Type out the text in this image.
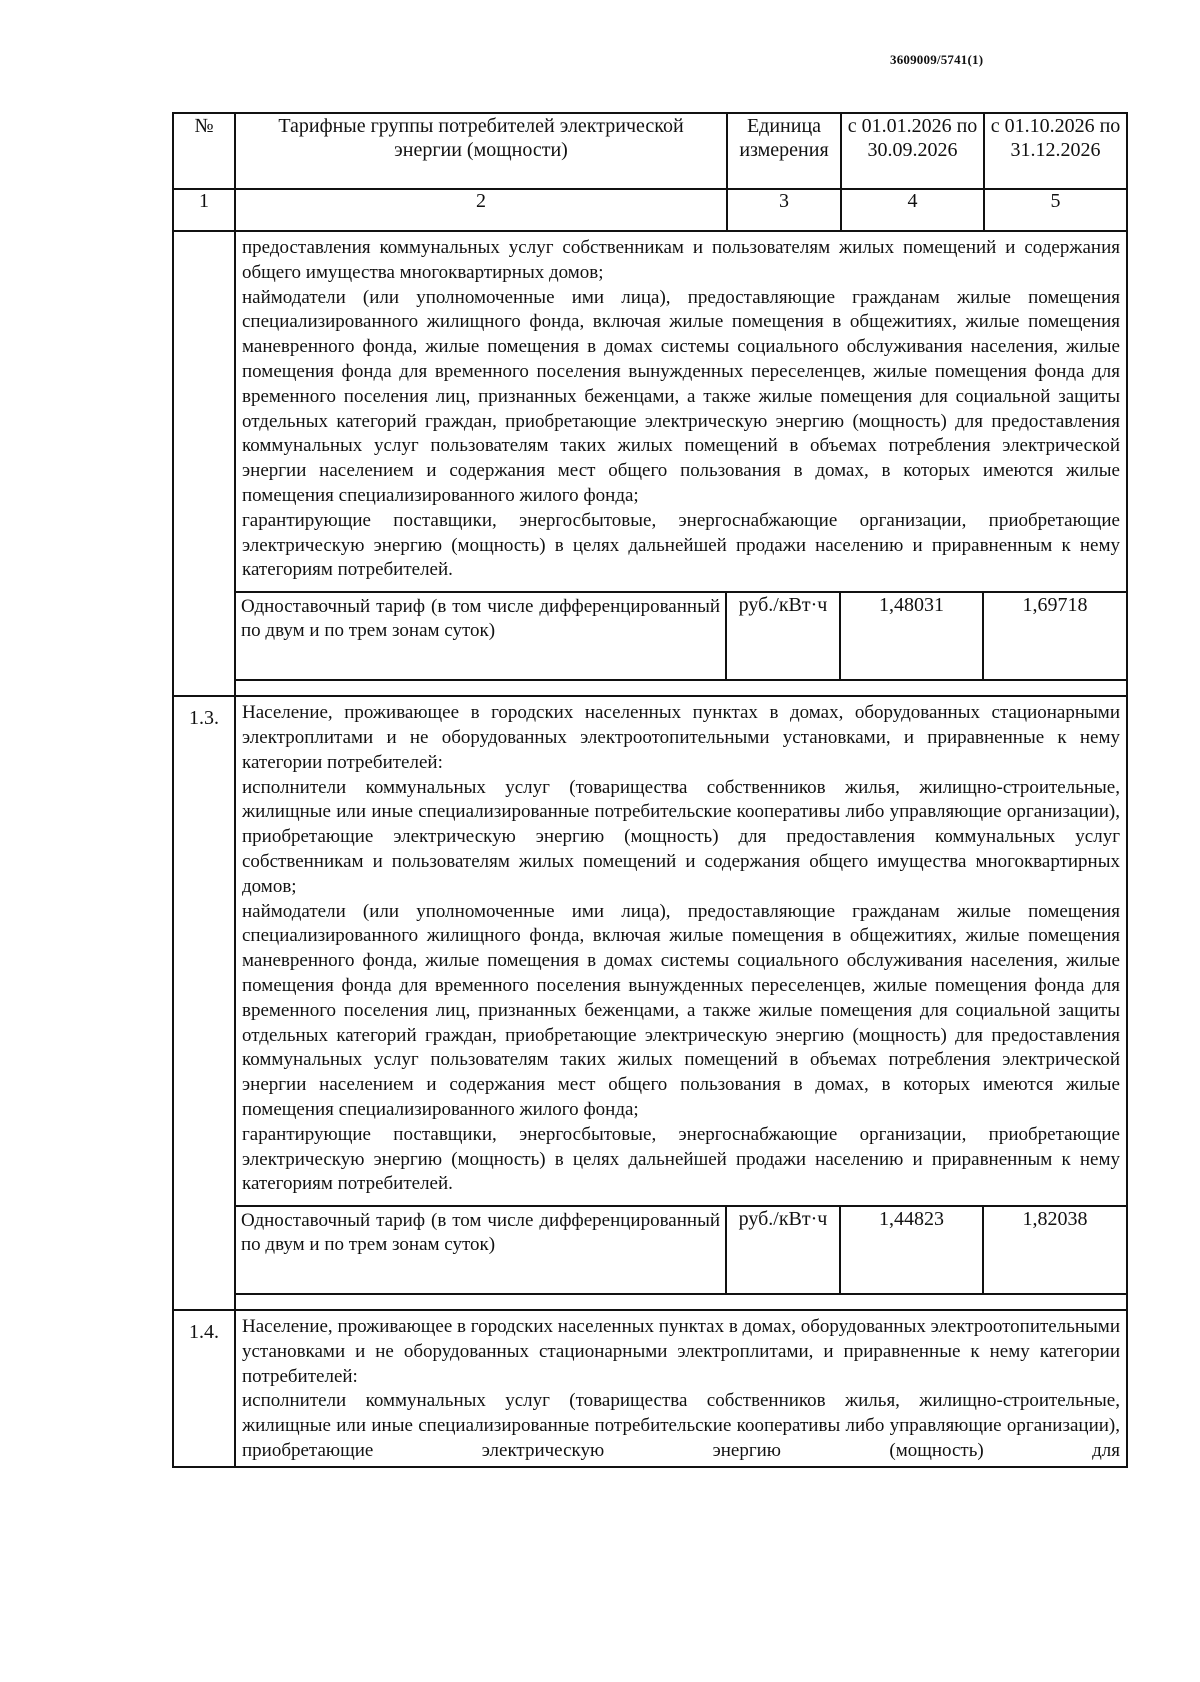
3609009/5741(1)
№	Тарифные группы потребителей электрической энергии (мощности)	Единица измерения	с 01.01.2026 по 30.09.2026	с 01.10.2026 по 31.12.2026
1	2	3	4	5

предоставления коммунальных услуг собственникам и пользователям жилых помещений и содержания общего имущества многоквартирных домов;

наймодатели (или уполномоченные ими лица), предоставляющие гражданам жилые помещения специализированного жилищного фонда, включая жилые помещения в общежитиях, жилые помещения маневренного фонда, жилые помещения в домах системы социального обслуживания населения, жилые помещения фонда для временного поселения вынужденных переселенцев, жилые помещения фонда для временного поселения лиц, признанных беженцами, а также жилые помещения для социальной защиты отдельных категорий граждан, приобретающие электрическую энергию (мощность) для предоставления коммунальных услуг пользователям таких жилых помещений в объемах потребления электрической энергии населением и содержания мест общего пользования в домах, в которых имеются жилые помещения специализированного жилого фонда;

гарантирующие поставщики, энергосбытовые, энергоснабжающие организации, приобретающие электрическую энергию (мощность) в целях дальнейшей продажи населению и приравненным к нему категориям потребителей.

Одноставочный тариф (в том числе дифференцированный по двум и по трем зонам суток)	руб./кВт·ч	1,48031	1,69718

1.3.	Население, проживающее в городских населенных пунктах в домах, оборудованных стационарными электроплитами и не оборудованных электроотопительными установками, и приравненные к нему категории потребителей:

исполнители коммунальных услуг (товарищества собственников жилья, жилищно-строительные, жилищные или иные специализированные потребительские кооперативы либо управляющие организации), приобретающие электрическую энергию (мощность) для предоставления коммунальных услуг собственникам и пользователям жилых помещений и содержания общего имущества многоквартирных домов;

наймодатели (или уполномоченные ими лица), предоставляющие гражданам жилые помещения специализированного жилищного фонда, включая жилые помещения в общежитиях, жилые помещения маневренного фонда, жилые помещения в домах системы социального обслуживания населения, жилые помещения фонда для временного поселения вынужденных переселенцев, жилые помещения фонда для временного поселения лиц, признанных беженцами, а также жилые помещения для социальной защиты отдельных категорий граждан, приобретающие электрическую энергию (мощность) для предоставления коммунальных услуг пользователям таких жилых помещений в объемах потребления электрической энергии населением и содержания мест общего пользования в домах, в которых имеются жилые помещения специализированного жилого фонда;

гарантирующие поставщики, энергосбытовые, энергоснабжающие организации, приобретающие электрическую энергию (мощность) в целях дальнейшей продажи населению и приравненным к нему категориям потребителей.

Одноставочный тариф (в том числе дифференцированный по двум и по трем зонам суток)	руб./кВт·ч	1,44823	1,82038

1.4.	Население, проживающее в городских населенных пунктах в домах, оборудованных электроотопительными установками и не оборудованных стационарными электроплитами, и приравненные к нему категории потребителей:

исполнители коммунальных услуг (товарищества собственников жилья, жилищно-строительные, жилищные или иные специализированные потребительские кооперативы либо управляющие организации), приобретающие электрическую энергию (мощность) для
